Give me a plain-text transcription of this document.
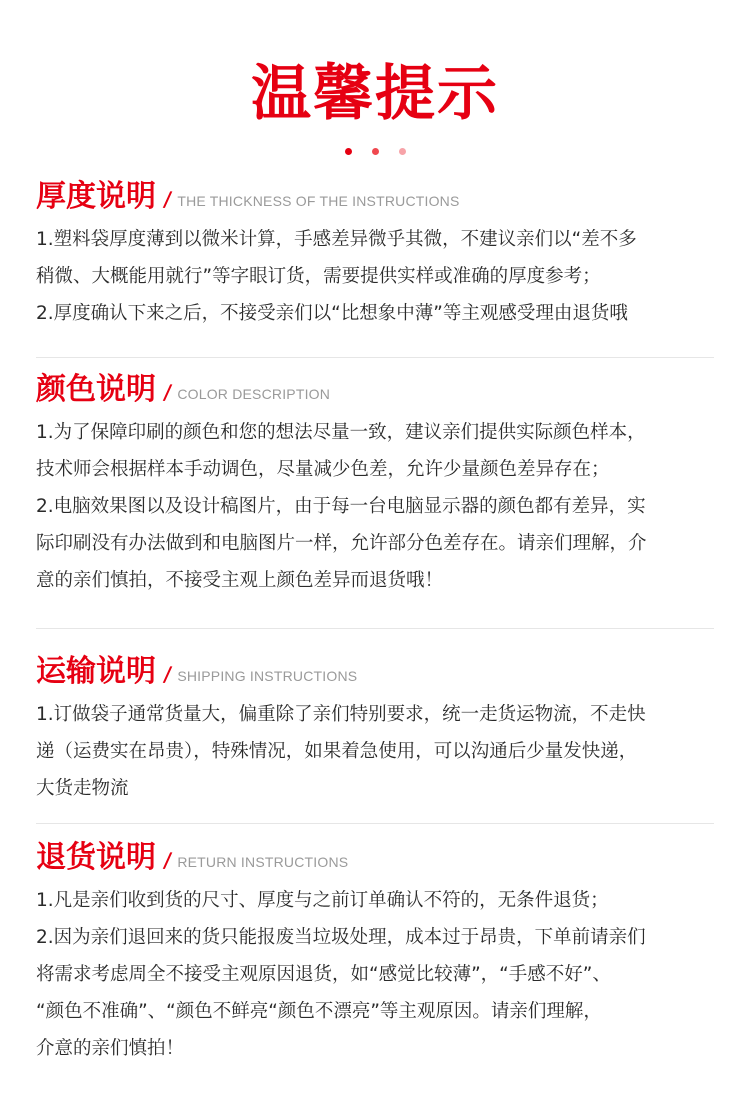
温馨提示
厚度说明 / THE THICKNESS OF THE INSTRUCTIONS
1.塑料袋厚度薄到以微米计算，手感差异微乎其微，不建议亲们以“差不多
稍微、大概能用就行”等字眼订货，需要提供实样或准确的厚度参考；
2.厚度确认下来之后，不接受亲们以“比想象中薄”等主观感受理由退货哦
颜色说明 / COLOR DESCRIPTION
1.为了保障印刷的颜色和您的想法尽量一致，建议亲们提供实际颜色样本，
技术师会根据样本手动调色，尽量减少色差，允许少量颜色差异存在；
2.电脑效果图以及设计稿图片，由于每一台电脑显示器的颜色都有差异，实
际印刷没有办法做到和电脑图片一样，允许部分色差存在。请亲们理解，介
意的亲们慎拍，不接受主观上颜色差异而退货哦！
运输说明 / SHIPPING INSTRUCTIONS
1.订做袋子通常货量大，偏重除了亲们特别要求，统一走货运物流，不走快
递（运费实在昂贵），特殊情况，如果着急使用，可以沟通后少量发快递，
大货走物流
退货说明 / RETURN INSTRUCTIONS
1.凡是亲们收到货的尺寸、厚度与之前订单确认不符的，无条件退货；
2.因为亲们退回来的货只能报废当垃圾处理，成本过于昂贵，下单前请亲们
将需求考虑周全不接受主观原因退货，如“感觉比较薄”，“手感不好”、
“颜色不准确”、“颜色不鲜亮“颜色不漂亮”等主观原因。请亲们理解，
介意的亲们慎拍！
